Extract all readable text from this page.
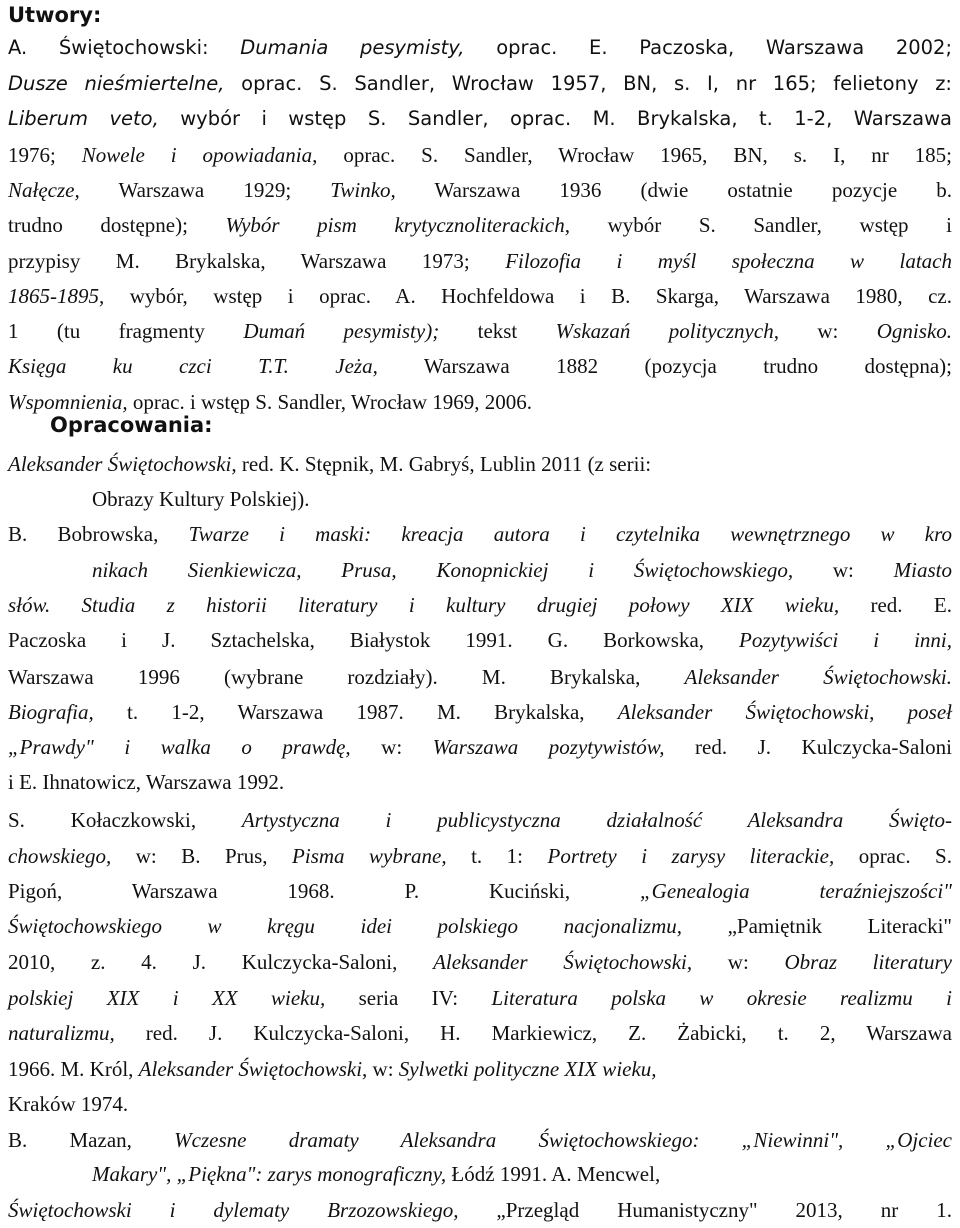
Utwory:
A. Świętochowski: Dumania pesymisty, oprac. E. Paczoska, Warszawa 2002;
Dusze nieśmiertelne, oprac. S. Sandler, Wrocław 1957, BN, s. I, nr 165; felietony z:
Liberum veto, wybór i wstęp S. Sandler, oprac. M. Brykalska, t. 1-2, Warszawa
1976; Nowele i opowiadania, oprac. S. Sandler, Wrocław 1965, BN, s. I, nr 185;
Nałęcze, Warszawa 1929; Twinko, Warszawa 1936 (dwie ostatnie pozycje b.
trudno dostępne); Wybór pism krytycznoliterackich, wybór S. Sandler, wstęp i
przypisy M. Brykalska, Warszawa 1973; Filozofia i myśl społeczna w latach
1865-1895, wybór, wstęp i oprac. A. Hochfeldowa i B. Skarga, Warszawa 1980, cz.
1 (tu fragmenty Dumań pesymisty); tekst Wskazań politycznych, w: Ognisko.
Księga ku czci T.T. Jeża, Warszawa 1882 (pozycja trudno dostępna);
Wspomnienia, oprac. i wstęp S. Sandler, Wrocław 1969, 2006.
Opracowania:
Aleksander Świętochowski, red. K. Stępnik, M. Gabryś, Lublin 2011 (z serii:
Obrazy Kultury Polskiej).
B. Bobrowska, Twarze i maski: kreacja autora i czytelnika wewnętrznego w kro
nikach Sienkiewicza, Prusa, Konopnickiej i Świętochowskiego, w: Miasto
słów. Studia z historii literatury i kultury drugiej połowy XIX wieku, red. E.
Paczoska i J. Sztachelska, Białystok 1991. G. Borkowska, Pozytywiści i inni,
Warszawa 1996 (wybrane rozdziały). M. Brykalska, Aleksander Świętochowski.
Biografia, t. 1-2, Warszawa 1987. M. Brykalska, Aleksander Świętochowski, poseł
„Prawdy" i walka o prawdę, w: Warszawa pozytywistów, red. J. Kulczycka-Saloni
i E. Ihnatowicz, Warszawa 1992.
S. Kołaczkowski, Artystyczna i publicystyczna działalność Aleksandra Święto-
chowskiego, w: B. Prus, Pisma wybrane, t. 1: Portrety i zarysy literackie, oprac. S.
Pigoń, Warszawa 1968. P. Kuciński, „Genealogia teraźniejszości"
Świętochowskiego w kręgu idei polskiego nacjonalizmu, „Pamiętnik Literacki"
2010, z. 4. J. Kulczycka-Saloni, Aleksander Świętochowski, w: Obraz literatury
polskiej XIX i XX wieku, seria IV: Literatura polska w okresie realizmu i
naturalizmu, red. J. Kulczycka-Saloni, H. Markiewicz, Z. Żabicki, t. 2, Warszawa
1966. M. Król, Aleksander Świętochowski, w: Sylwetki polityczne XIX wieku,
Kraków 1974.
B. Mazan, Wczesne dramaty Aleksandra Świętochowskiego: „Niewinni", „Ojciec
Makary", „Piękna": zarys monograficzny, Łódź 1991. A. Mencwel,
Świętochowski i dylematy Brzozowskiego, „Przegląd Humanistyczny" 2013, nr 1.
